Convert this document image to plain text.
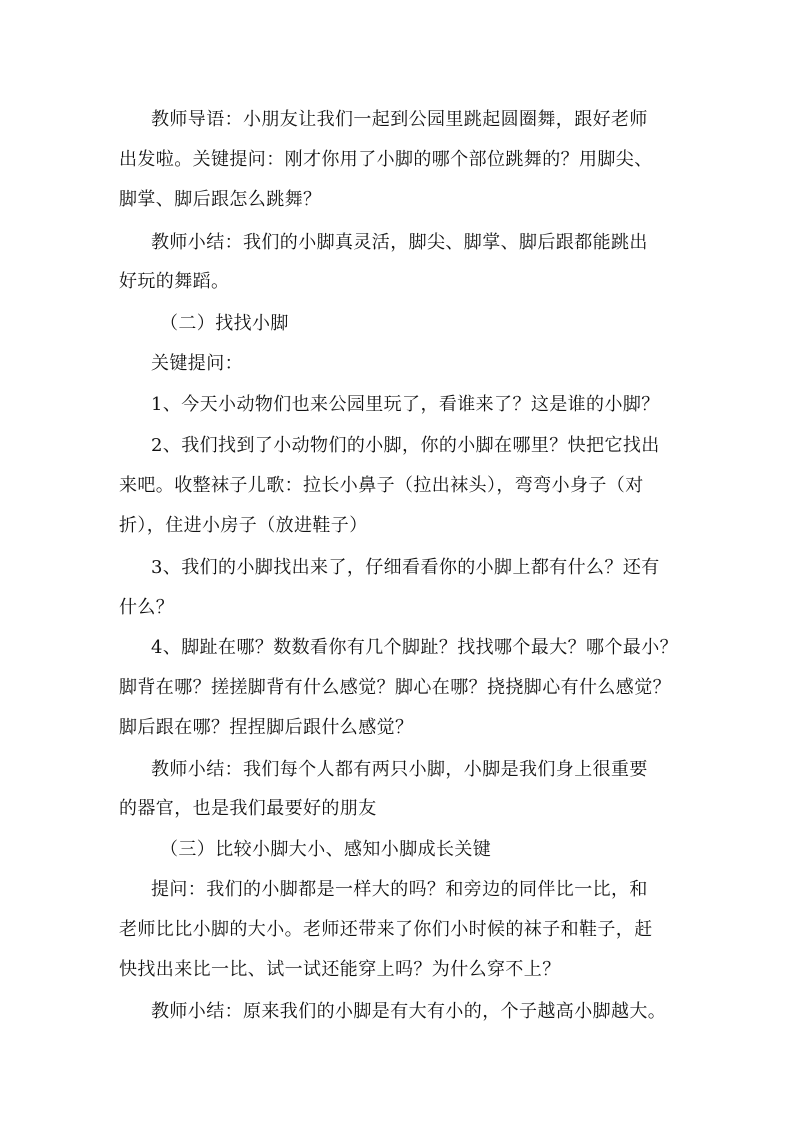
教师导语：小朋友让我们一起到公园里跳起圆圈舞，跟好老师
出发啦。关键提问：刚才你用了小脚的哪个部位跳舞的？用脚尖、
脚掌、脚后跟怎么跳舞？
教师小结：我们的小脚真灵活，脚尖、脚掌、脚后跟都能跳出
好玩的舞蹈。
（二）找找小脚
关键提问：
1、今天小动物们也来公园里玩了，看谁来了？这是谁的小脚？
2、我们找到了小动物们的小脚，你的小脚在哪里？快把它找出
来吧。收整袜子儿歌：拉长小鼻子（拉出袜头），弯弯小身子（对
折），住进小房子（放进鞋子）
3、我们的小脚找出来了，仔细看看你的小脚上都有什么？还有
什么？
4、脚趾在哪？数数看你有几个脚趾？找找哪个最大？哪个最小？
脚背在哪？搓搓脚背有什么感觉？脚心在哪？挠挠脚心有什么感觉？
脚后跟在哪？捏捏脚后跟什么感觉？
教师小结：我们每个人都有两只小脚，小脚是我们身上很重要
的器官，也是我们最要好的朋友
（三）比较小脚大小、感知小脚成长关键
提问：我们的小脚都是一样大的吗？和旁边的同伴比一比，和
老师比比小脚的大小。老师还带来了你们小时候的袜子和鞋子，赶
快找出来比一比、试一试还能穿上吗？为什么穿不上？
教师小结：原来我们的小脚是有大有小的，个子越高小脚越大。
